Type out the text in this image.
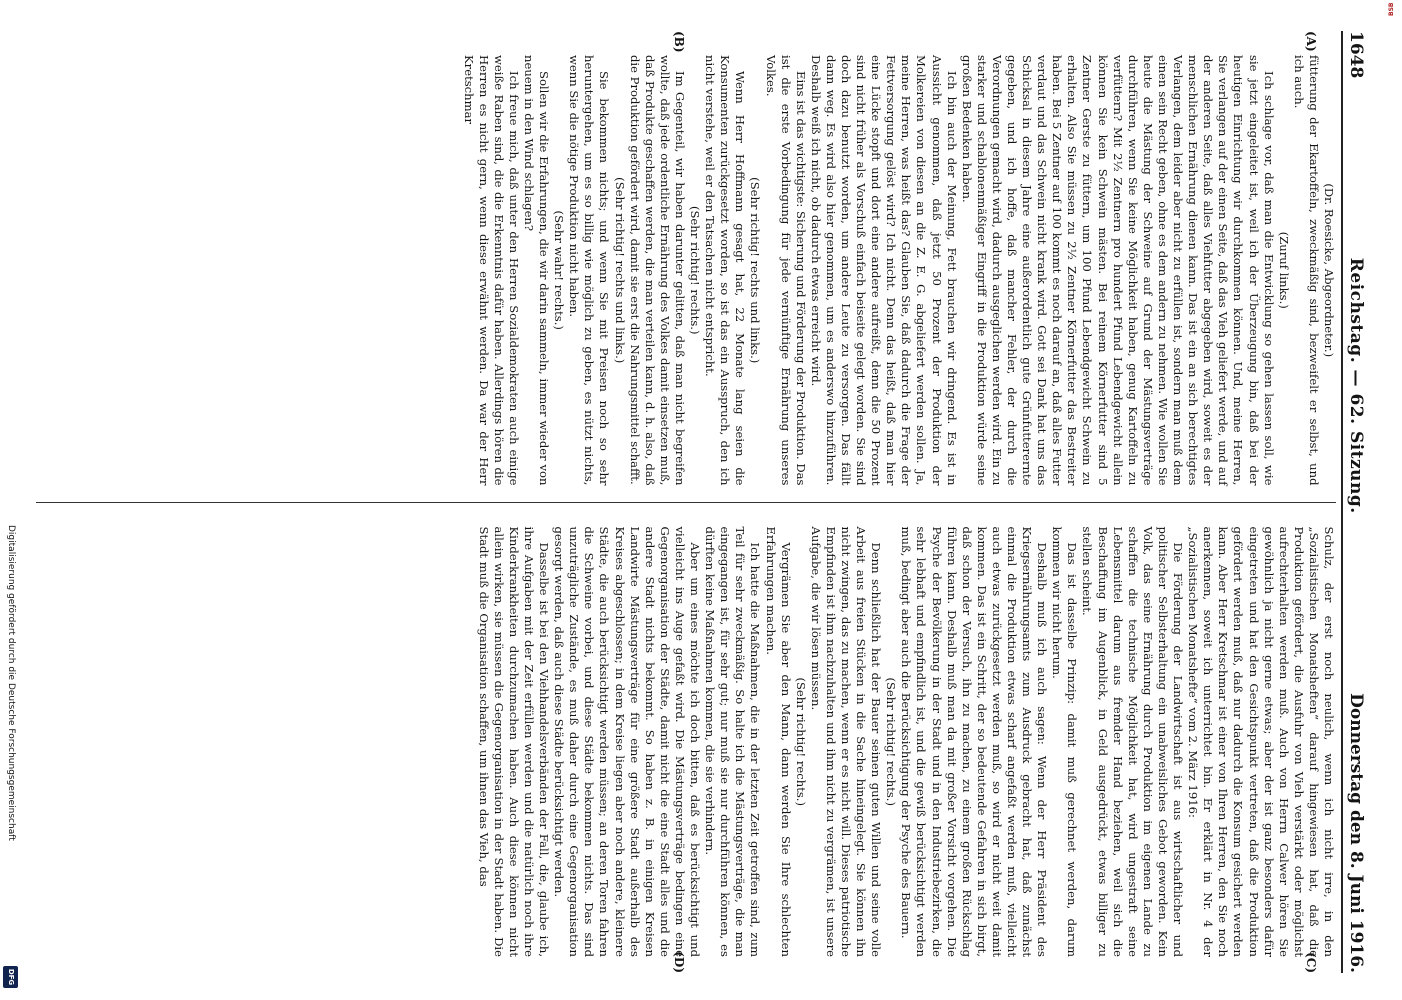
Digitalisierung gefördert durch die Deutsche Forschungsgemeinschaft
DFG
BSB
1648
Reichstag. — 62. Sitzung.
Donnerstag den 8. Juni 1916.
(A)
(B)

(Dr. Roesicke, Abgeordneter.)

fütterung der Ekartoffeln, zweckmäßig sind, bezweifelt er selbst, und ich auch.

(Zuruf links.)

Ich schlage vor, daß man die Entwicklung so gehen lassen soll, wie sie jetzt eingeleitet ist, weil ich der Überzeugung bin, daß bei der heutigen Einrichtung wir durchkommen können. Und, meine Herren, Sie verlangen auf der einen Seite, daß das Vieh geliefert werde, und auf der anderen Seite, daß alles Viehfutter abgegeben wird, soweit es der menschlichen Ernährung dienen kann. Das ist ein an sich berechtigtes Verlangen, dem leider aber nicht zu erfüllen ist, sondern man muß dem einen sein Recht geben, ohne es dem andern zu nehmen. Wie wollen Sie heute die Mästung der Schweine auf Grund der Mästungsverträge durchführen, wenn Sie keine Möglichkeit haben, genug Kartoffeln zu verfüttern? Mit 2½ Zentnern pro hundert Pfund Lebendgewicht allein können Sie kein Schwein mästen. Bei reinem Körnerfutter sind 5 Zentner Gerste zu füttern, um 100 Pfund Lebendgewicht Schwein zu erhalten. Also Sie müssen zu 2½ Zentner Körnerfutter das Bestreiter haben. Bei 5 Zentner auf 100 kommt es noch darauf an, daß alles Futter verdaut und das Schwein nicht krank wird. Gott sei Dank hat uns das Schicksal in diesem Jahre eine außerordentlich gute Grünfutterernte gegeben, und ich hoffe, daß mancher Fehler, der durch die Verordnungen gemacht wird, dadurch ausgeglichen werden wird. Ein zu starker und schablonenmäßiger Eingriff in die Produktion würde seine großen Bedenken haben.

Ich bin auch der Meinung, Fett brauchen wir dringend. Es ist in Aussicht genommen, daß jetzt 50 Prozent der Produktion der Molkereien von diesen an die Z. E. G. abgeliefert werden sollen. Ja, meine Herren, was heißt das? Glauben Sie, daß dadurch die Frage der Fettversorgung gelöst wird? Ich nicht. Denn das heißt, daß man hier eine Lücke stopft und dort eine andere aufreißt, denn die 50 Prozent sind nicht früher als Vorschuß einfach beiseite gelegt worden. Sie sind doch dazu benutzt worden, um andere Leute zu versorgen. Das fällt dann weg. Es wird also hier genommen, um es anderswo hinzuführen. Deshalb weiß ich nicht, ob dadurch etwas erreicht wird.

Eins ist das wichtigste: Sicherung und Förderung der Produktion. Das ist die erste Vorbedingung für jede vernünftige Ernährung unseres Volkes.

(Sehr richtig! rechts und links.)

Wenn Herr Hoffmann gesagt hat, 22 Monate lang seien die Konsumenten zurückgesetzt worden, so ist das ein Ausspruch, den ich nicht verstehe, weil er den Tatsachen nicht entspricht.

(Sehr richtig! rechts.)

Im Gegenteil, wir haben darunter gelitten, daß man nicht begreifen wollte, daß jede ordentliche Ernährung des Volkes damit einsetzen muß, daß Produkte geschaffen werden, die man verteilen kann, d. h. also, daß die Produktion gefördert wird, damit sie erst die Nahrungsmittel schafft.

(Sehr richtig! rechts und links.)

Sie bekommen nichts; und wenn Sie mit Preisen noch so sehr heruntergehen, um es so billig wie möglich zu geben, es nützt nichts, wenn Sie die nötige Produktion nicht haben.

(Sehr wahr! rechts.)

Sollen wir die Erfahrungen, die wir darin sammeln, immer wieder von neuem in den Wind schlagen?

Ich freue mich, daß unter den Herren Sozialdemokraten auch einige weiße Raben sind, die die Erkenntnis dafür haben. Allerdings hören die Herren es nicht gern, wenn diese erwähnt werden. Da war der Herr Kretschmar

(C)
(D)

Schulz, der erst noch neulich, wenn ich nicht irre, in den „Sozialistischen Monatsheften“ darauf hingewiesen hat, daß die Produktion gefördert, die Ausfuhr von Vieh verstärkt oder möglichst aufrechterhalten werden muß. Auch von Herrn Calwer hören Sie gewöhnlich ja nicht gerne etwas; aber der ist ganz besonders dafür eingetreten und hat den Gesichtspunkt vertreten, daß die Produktion gefördert werden muß, daß nur dadurch die Konsum gesichert werden kann. Aber Herr Kretschmar ist einer von Ihren Herren, den Sie noch anerkennen, soweit ich unterrichtet bin. Er erklärt in Nr. 4 der „Sozialistischen Monatshefte“ vom 2. März 1916:

Die Förderung der Landwirtschaft ist aus wirtschaftlicher und politischer Selbsterhaltung ein unabweisliches Gebot geworden. Kein Volk, das seine Ernährung durch Produktion im eigenen Lande zu schaffen die technische Möglichkeit hat, wird ungestraft seine Lebensmittel darum aus fremder Hand beziehen, weil sich die Beschaffung im Augenblick, in Geld ausgedrückt, etwas billiger zu stellen scheint.

Das ist dasselbe Prinzip: damit muß gerechnet werden, darum kommen wir nicht herum.

Deshalb muß ich auch sagen: Wenn der Herr Präsident des Kriegsernährungsamts zum Ausdruck gebracht hat, daß zunächst einmal die Produktion etwas scharf angefaßt werden muß, vielleicht auch etwas zurückgesetzt werden muß, so wird er nicht weit damit kommen. Das ist ein Schritt, der so bedeutende Gefahren in sich birgt, daß schon der Versuch, ihn zu machen, zu einem großen Rückschlag führen kann. Deshalb muß man da mit großer Vorsicht vorgehen. Die Psyche der Bevölkerung in der Stadt und in den Industriebezirken, die sehr lebhaft und empfindlich ist, und die gewiß berücksichtigt werden muß, bedingt aber auch die Berücksichtigung der Psyche des Bauern.

(Sehr richtig! rechts.)

Denn schließlich hat der Bauer seinen guten Willen und seine volle Arbeit aus freien Stücken in die Sache hineingelegt. Sie können ihn nicht zwingen, das zu machen, wenn er es nicht will. Dieses patriotische Empfinden ist ihm nachzuhalten und ihm nicht zu vergrämen, ist unsere Aufgabe, die wir lösen müssen.

(Sehr richtig! rechts.)

Vergrämen Sie aber den Mann, dann werden Sie Ihre schlechten Erfahrungen machen.

Ich hatte die Maßnahmen, die in der letzten Zeit getroffen sind, zum Teil für sehr zweckmäßig. So halte ich die Mästungsverträge, die man eingegangen ist, für sehr gut; nur muß sie nur durchführen können, es dürften keine Maßnahmen kommen, die sie verhindern.

Aber um eines möchte ich doch bitten, daß es berücksichtigt und vielleicht ins Auge gefaßt wird. Die Mästungsverträge bedingen eine Gegenorganisation der Städte, damit nicht die eine Stadt alles und die andere Stadt nichts bekommt. So haben z. B. in einigen Kreisen Landwirte Mästungsverträge für eine größere Stadt außerhalb des Kreises abgeschlossen; in dem Kreise liegen aber noch andere, kleinere Städte, die auch berücksichtigt werden müssen; an deren Toren fahren die Schweine vorbei, und diese Städte bekommen nichts. Das sind unzuträgliche Zustände, es muß daher durch eine Gegenorganisation gesorgt werden, daß auch diese Städte berücksichtigt werden.

Dasselbe ist bei den Viehhandelsverbänden der Fall, die, glaube ich, ihre Aufgaben mit der Zeit erfüllen werden und die natürlich noch ihre Kinderkrankheiten durchzumachen haben. Auch diese können nicht allein wirken, sie müssen die Gegenorganisation in der Stadt haben. Die Stadt muß die Organisation schaffen, um ihnen das Vieh, das
